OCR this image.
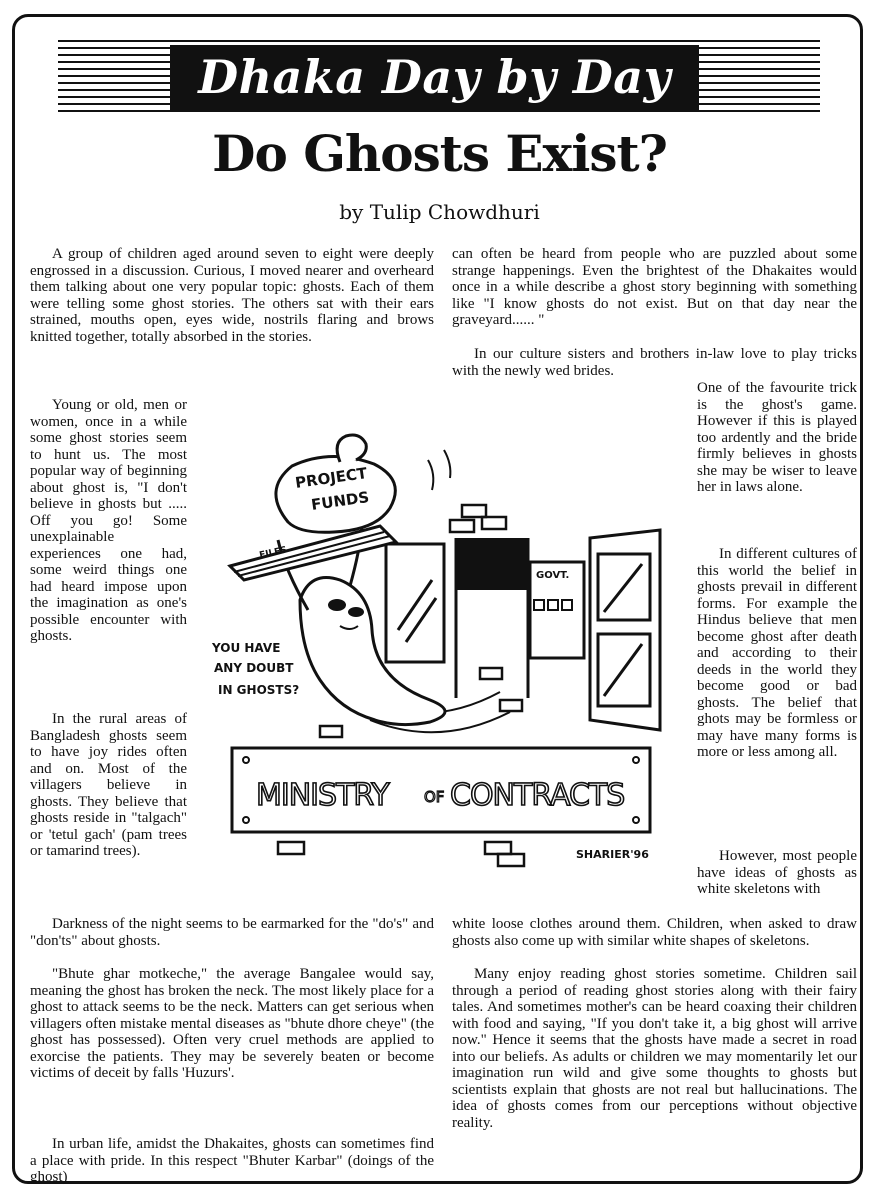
Dhaka Day by Day
Do Ghosts Exist?
by Tulip Chowdhuri

A group of children aged around seven to eight were deeply engrossed in a discussion. Curious, I moved nearer and overheard them talking about one very popular topic: ghosts. Each of them were telling some ghost stories. The others sat with their ears strained, mouths open, eyes wide, nostrils flaring and brows knitted together, totally absorbed in the stories.

Young or old, men or women, once in a while some ghost stories seem to hunt us. The most popular way of beginning about ghost is, "I don't believe in ghosts but ..... Off you go! Some unexplainable experiences one had, some weird things one had heard impose upon the imagination as one's possible encounter with ghosts.

In the rural areas of Bangladesh ghosts seem to have joy rides often and on. Most of the villagers believe in ghosts. They believe that ghosts reside in "talgach" or 'tetul gach' (pam trees or tamarind trees).

Darkness of the night seems to be earmarked for the "do's" and "don'ts" about ghosts.

"Bhute ghar motkeche," the average Bangalee would say, meaning the ghost has broken the neck. The most likely place for a ghost to attack seems to be the neck. Matters can get serious when villagers often mistake mental diseases as "bhute dhore cheye" (the ghost has possessed). Often very cruel methods are applied to exorcise the patients. They may be severely beaten or become victims of deceit by falls 'Huzurs'.

In urban life, amidst the Dhakaites, ghosts can sometimes find a place with pride. In this respect "Bhuter Karbar" (doings of the ghost)

can often be heard from people who are puzzled about some strange happenings. Even the brightest of the Dhakaites would once in a while describe a ghost story beginning with something like "I know ghosts do not exist. But on that day near the graveyard...... "

In our culture sisters and brothers in-law love to play tricks with the newly wed brides.

One of the favourite trick is the ghost's game. However if this is played too ardently and the bride firmly believes in ghosts she may be wiser to leave her in laws alone.

In different cultures of this world the belief in ghosts prevail in different forms. For example the Hindus believe that men become ghost after death and according to their deeds in the world they become good or bad ghosts. The belief that ghots may be formless or may have many forms is more or less among all.

However, most people have ideas of ghosts as white skeletons with

white loose clothes around them. Children, when asked to draw ghosts also come up with similar white shapes of skeletons.

Many enjoy reading ghost stories sometime. Children sail through a period of reading ghost stories along with their fairy tales. And sometimes mother's can be heard coaxing their children with food and saying, "If you don't take it, a big ghost will arrive now." Hence it seems that the ghosts have made a secret in road into our beliefs. As adults or children we may momentarily let our imagination run wild and give some thoughts to ghosts but scientists explain that ghosts are not real but hallucinations. The idea of ghosts comes from our perceptions without objective reality.

GOVT.
FILES
PROJECT
FUNDS
YOU HAVE
ANY DOUBT
IN GHOSTS?
MINISTRY OF CONTRACTS
SHARIER'96
